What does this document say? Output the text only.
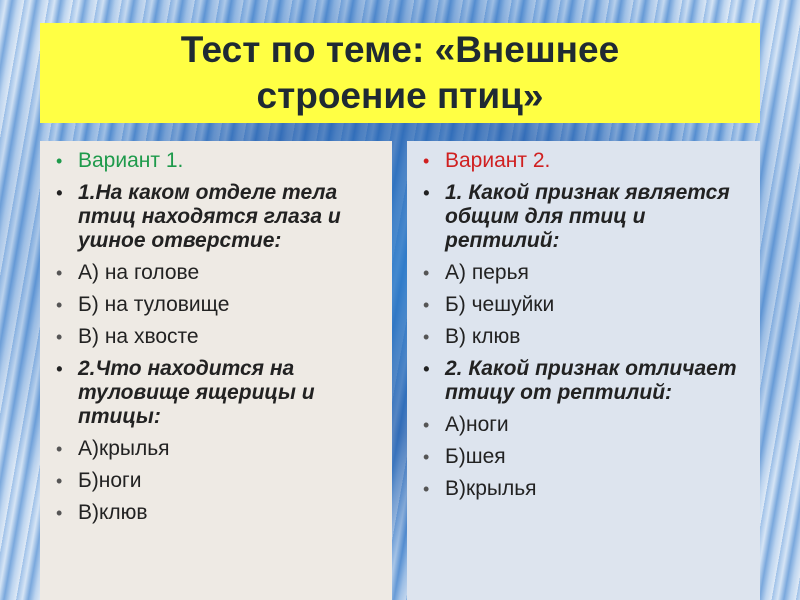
Тест по теме: «Внешнее строение птиц»
• Вариант 1.
• 1.На каком отделе тела птиц находятся глаза и ушное отверстие:
• А) на голове
• Б) на туловище
• В) на хвосте
• 2.Что находится на туловище ящерицы и птицы:
• А)крылья
• Б)ноги
• В)клюв
• Вариант 2.
• 1. Какой признак является общим для птиц и рептилий:
• А) перья
• Б) чешуйки
• В) клюв
• 2. Какой признак отличает птицу от рептилий:
• А)ноги
• Б)шея
• В)крылья
